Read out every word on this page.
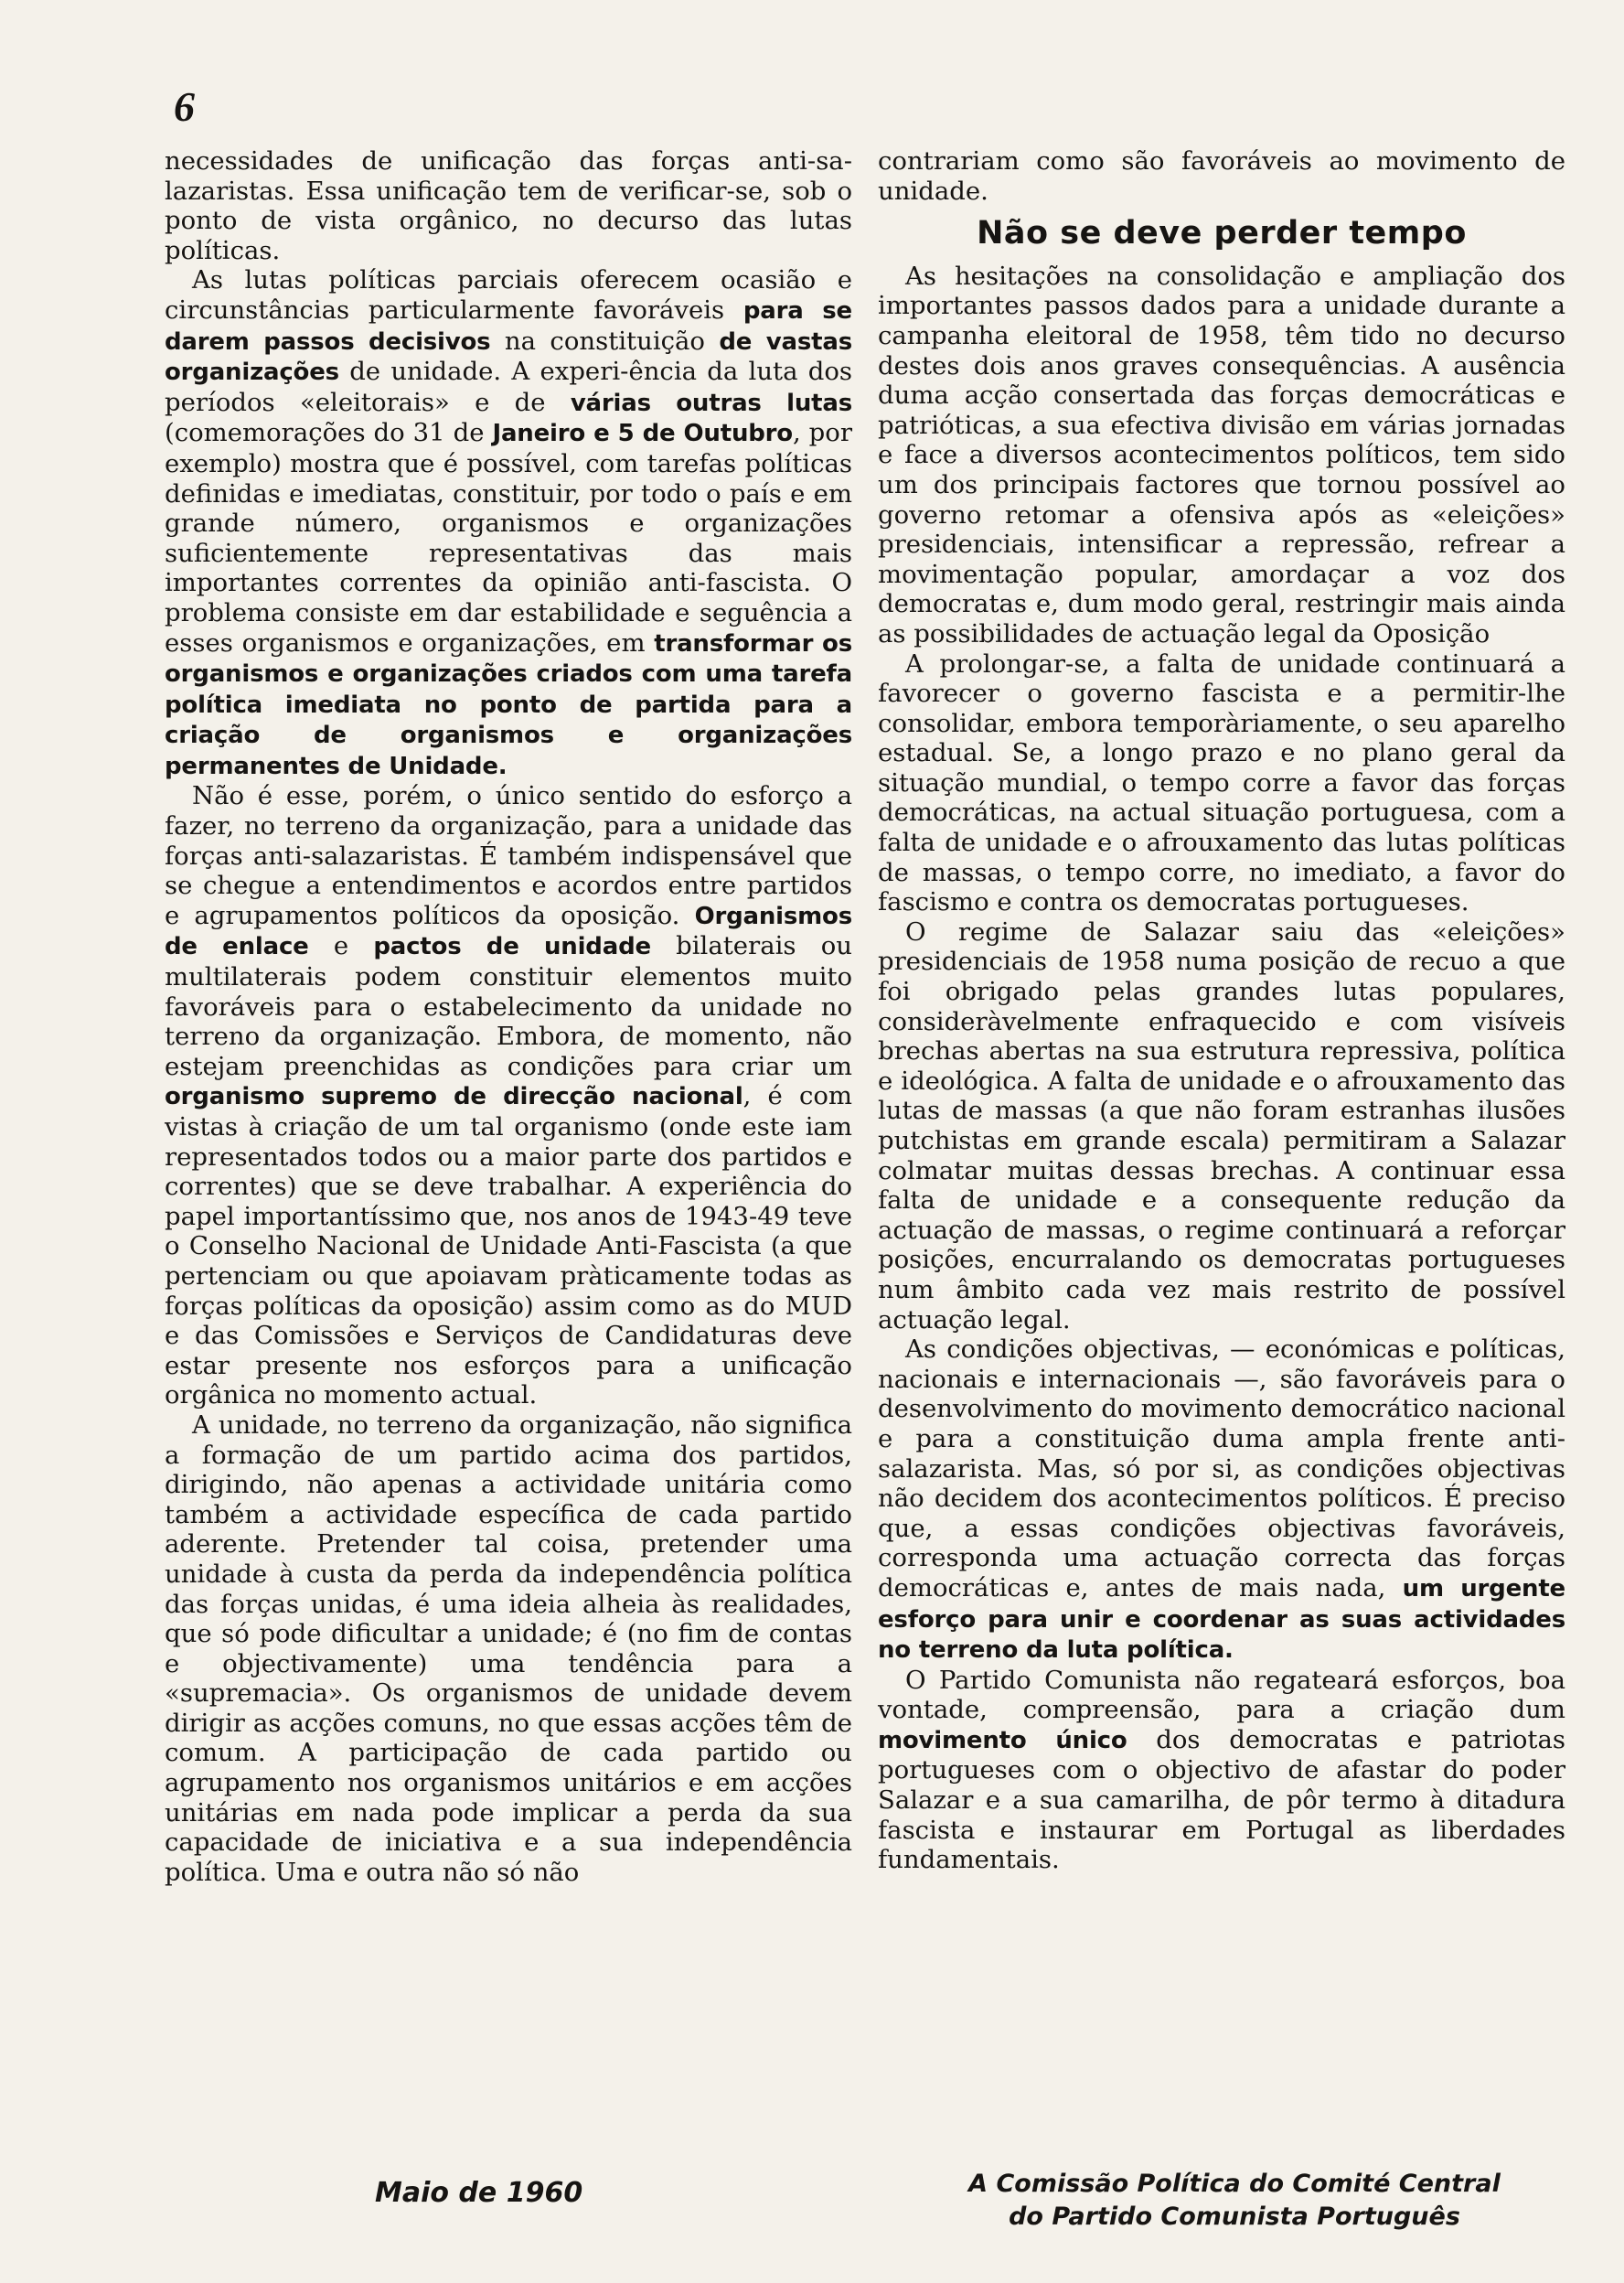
6

necessidades de unificação das forças anti-sa-lazaristas. Essa unificação tem de verificar-se, sob o ponto de vista orgânico, no decurso das lutas políticas.

As lutas políticas parciais oferecem ocasião e circunstâncias particularmente favoráveis para se darem passos decisivos na constituição de vastas organizações de unidade. A experi-ência da luta dos períodos «eleitorais» e de várias outras lutas (comemorações do 31 de Janeiro e 5 de Outubro, por exemplo) mostra que é possível, com tarefas políticas definidas e imediatas, constituir, por todo o país e em grande número, organismos e organizações suficientemente representativas das mais importantes correntes da opinião anti-fascista. O problema consiste em dar estabilidade e seguência a esses organismos e organizações, em transformar os organismos e organizações criados com uma tarefa política imediata no ponto de partida para a criação de organismos e organizações permanentes de Unidade.

Não é esse, porém, o único sentido do esforço a fazer, no terreno da organização, para a unidade das forças anti-salazaristas. É também indispensável que se chegue a entendimentos e acordos entre partidos e agrupamentos políticos da oposição. Organismos de enlace e pactos de unidade bilaterais ou multilaterais podem constituir elementos muito favoráveis para o estabelecimento da unidade no terreno da organização. Embora, de momento, não estejam preenchidas as condições para criar um organismo supremo de direcção nacional, é com vistas à criação de um tal organismo (onde este iam representados todos ou a maior parte dos partidos e correntes) que se deve trabalhar. A experiência do papel importantíssimo que, nos anos de 1943-49 teve o Conselho Nacional de Unidade Anti-Fascista (a que pertenciam ou que apoiavam pràticamente todas as forças políticas da oposição) assim como as do MUD e das Comissões e Serviços de Candidaturas deve estar presente nos esforços para a unificação orgânica no momento actual.

A unidade, no terreno da organização, não significa a formação de um partido acima dos partidos, dirigindo, não apenas a actividade unitária como também a actividade específica de cada partido aderente. Pretender tal coisa, pretender uma unidade à custa da perda da independência política das forças unidas, é uma ideia alheia às realidades, que só pode dificultar a unidade; é (no fim de contas e objectivamente) uma tendência para a «supremacia». Os organismos de unidade devem dirigir as acções comuns, no que essas acções têm de comum. A participação de cada partido ou agrupamento nos organismos unitários e em acções unitárias em nada pode implicar a perda da sua capacidade de iniciativa e a sua independência política. Uma e outra não só não

contrariam como são favoráveis ao movimento de unidade.

Não se deve perder tempo

As hesitações na consolidação e ampliação dos importantes passos dados para a unidade durante a campanha eleitoral de 1958, têm tido no decurso destes dois anos graves consequências. A ausência duma acção consertada das forças democráticas e patrióticas, a sua efectiva divisão em várias jornadas e face a diversos acontecimentos políticos, tem sido um dos principais factores que tornou possível ao governo retomar a ofensiva após as «eleições» presidenciais, intensificar a repressão, refrear a movimentação popular, amordaçar a voz dos democratas e, dum modo geral, restringir mais ainda as possibilidades de actuação legal da Oposição

A prolongar-se, a falta de unidade continuará a favorecer o governo fascista e a permitir-lhe consolidar, embora temporàriamente, o seu aparelho estadual. Se, a longo prazo e no plano geral da situação mundial, o tempo corre a favor das forças democráticas, na actual situação portuguesa, com a falta de unidade e o afrouxamento das lutas políticas de massas, o tempo corre, no imediato, a favor do fascismo e contra os democratas portugueses.

O regime de Salazar saiu das «eleições» presidenciais de 1958 numa posição de recuo a que foi obrigado pelas grandes lutas populares, consideràvelmente enfraquecido e com visíveis brechas abertas na sua estrutura repressiva, política e ideológica. A falta de unidade e o afrouxamento das lutas de massas (a que não foram estranhas ilusões putchistas em grande escala) permitiram a Salazar colmatar muitas dessas brechas. A continuar essa falta de unidade e a consequente redução da actuação de massas, o regime continuará a reforçar posições, encurralando os democratas portugueses num âmbito cada vez mais restrito de possível actuação legal.

As condições objectivas, — económicas e políticas, nacionais e internacionais —, são favoráveis para o desenvolvimento do movimento democrático nacional e para a constituição duma ampla frente anti-salazarista. Mas, só por si, as condições objectivas não decidem dos acontecimentos políticos. É preciso que, a essas condições objectivas favoráveis, corresponda uma actuação correcta das forças democráticas e, antes de mais nada, um urgente esforço para unir e coordenar as suas actividades no terreno da luta política.

O Partido Comunista não regateará esforços, boa vontade, compreensão, para a criação dum movimento único dos democratas e patriotas portugueses com o objectivo de afastar do poder Salazar e a sua camarilha, de pôr termo à ditadura fascista e instaurar em Portugal as liberdades fundamentais.

Maio de 1960	A Comissão Política do Comité Central
do Partido Comunista Português
